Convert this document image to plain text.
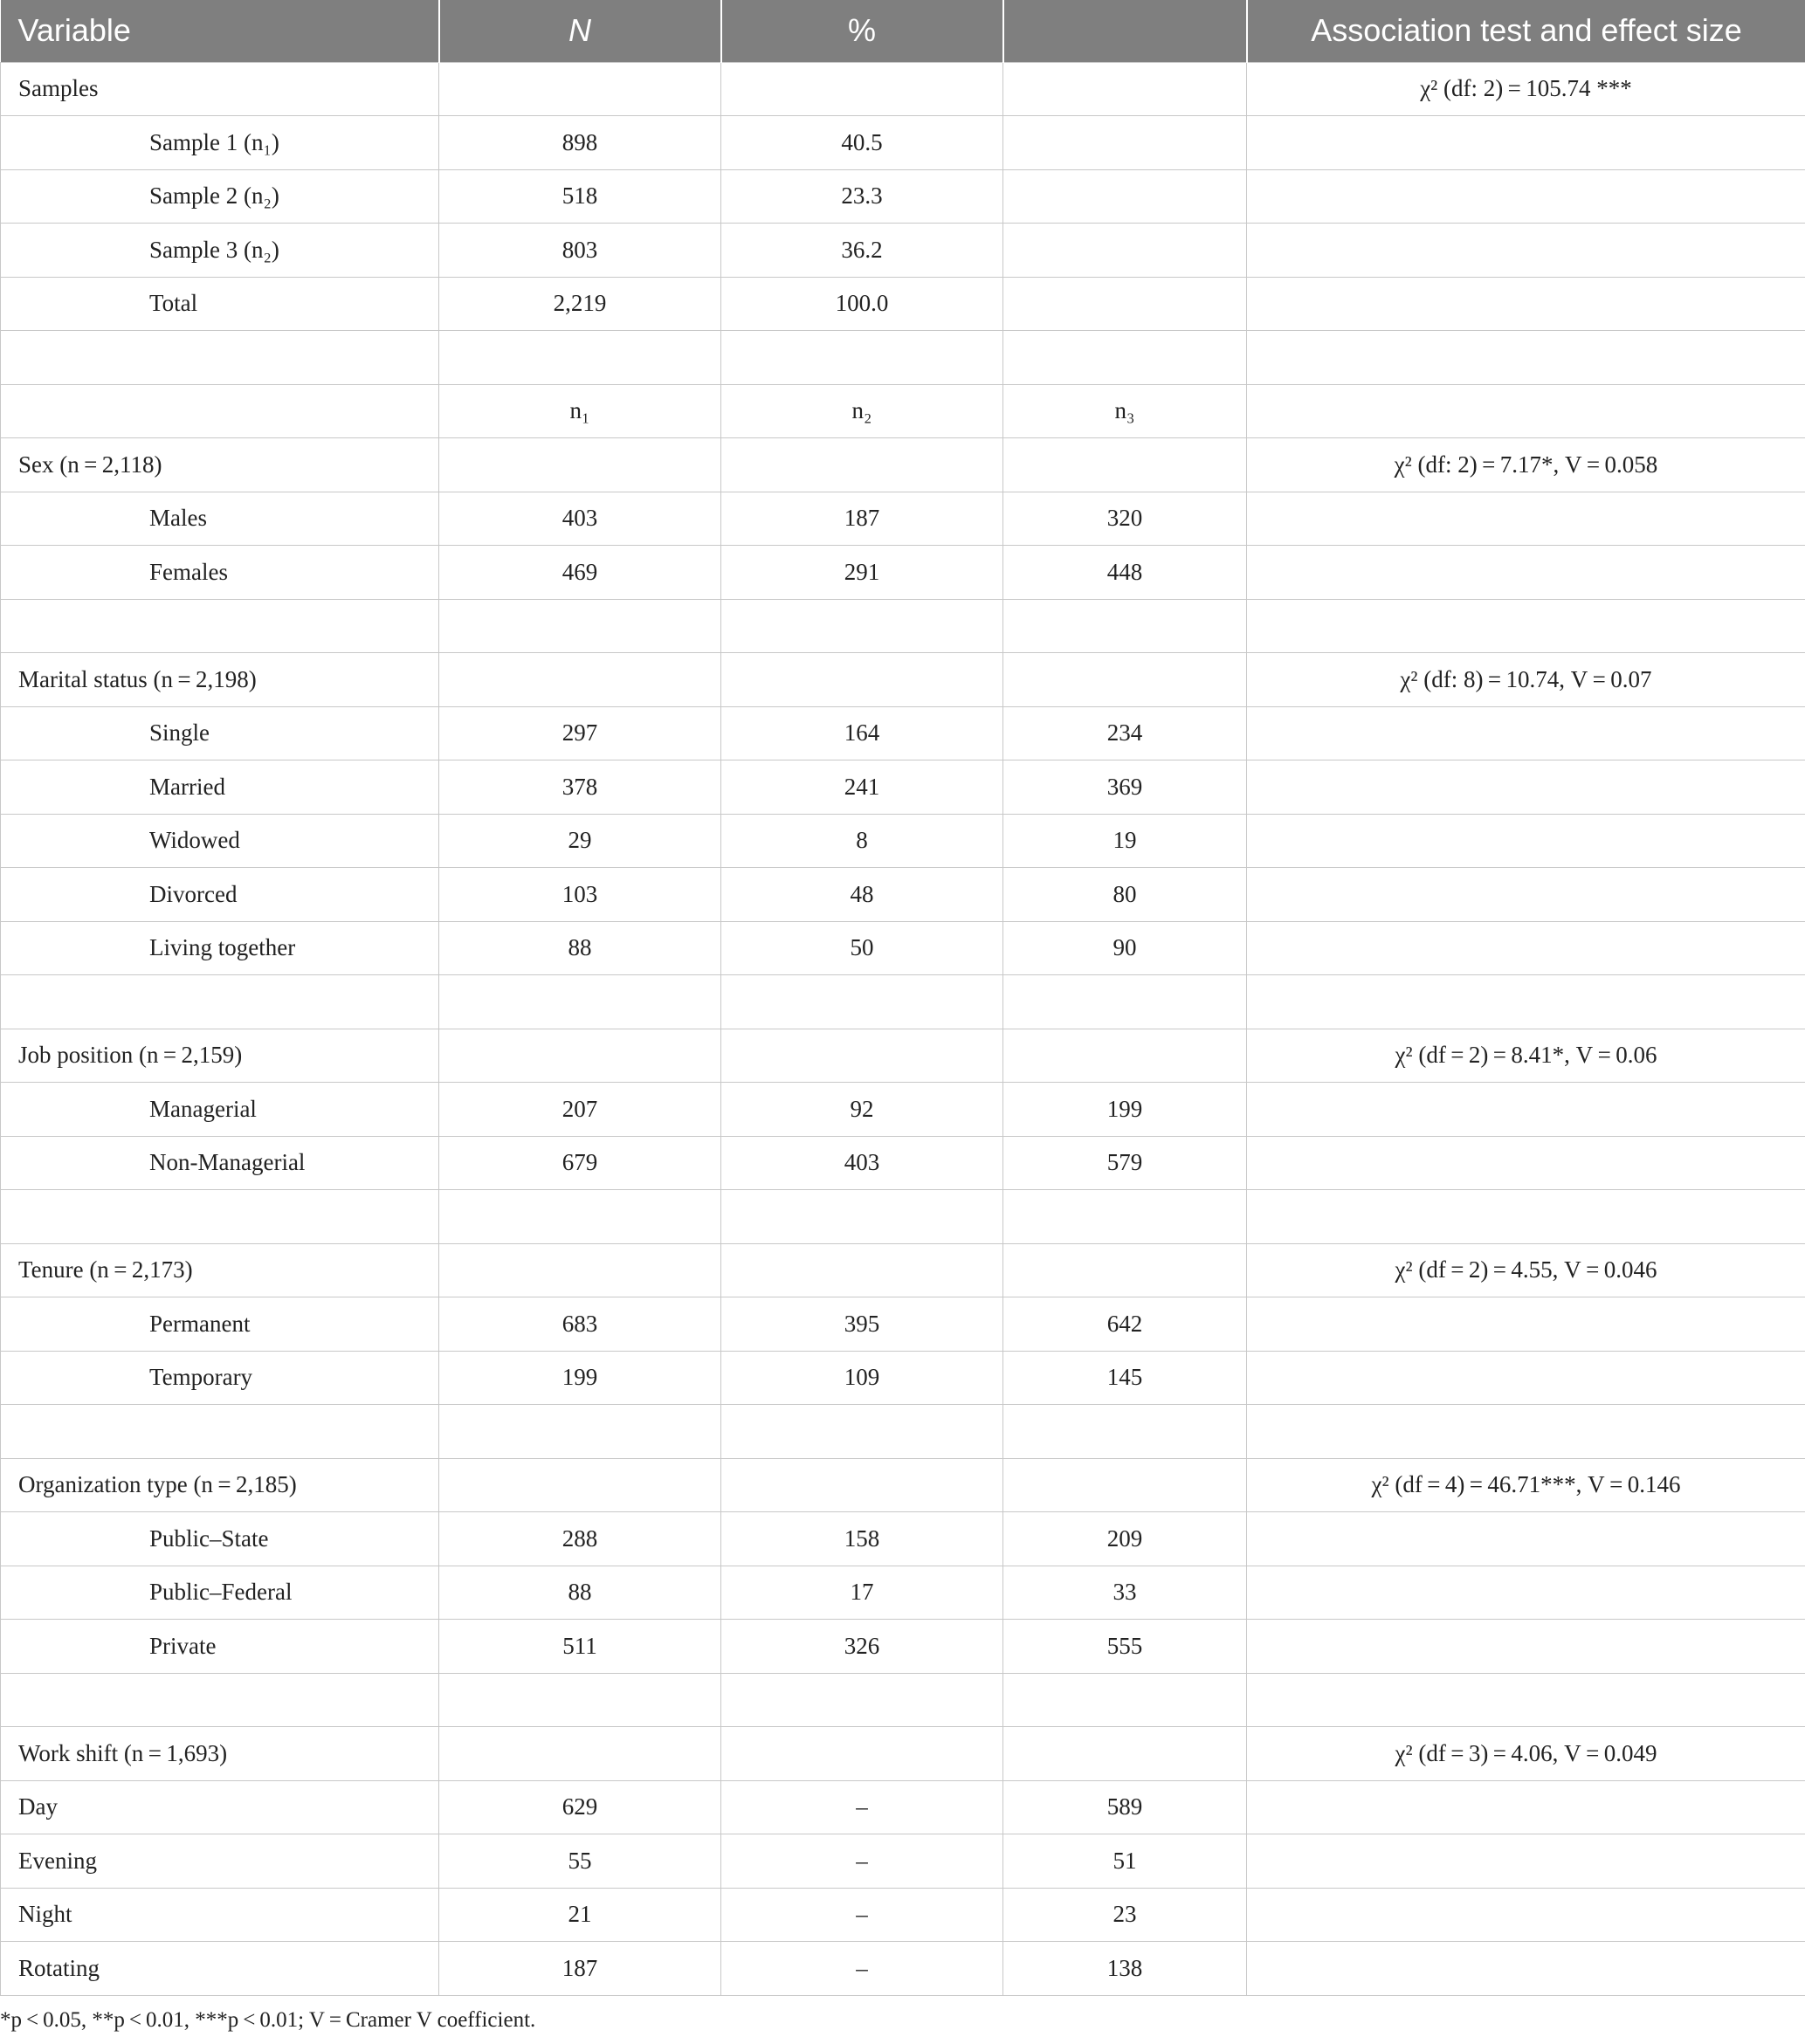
Variable	N	%		Association test and effect size
Samples				χ² (df: 2) = 105.74 ***
Sample 1 (n₁)	898	40.5		
Sample 2 (n₂)	518	23.3		
Sample 3 (n₂)	803	36.2		
Total	2,219	100.0		

	n₁	n₂	n₃	
Sex (n = 2,118)				χ² (df: 2) = 7.17*, V = 0.058
Males	403	187	320	
Females	469	291	448	

Marital status (n = 2,198)				χ² (df: 8) = 10.74, V = 0.07
Single	297	164	234	
Married	378	241	369	
Widowed	29	8	19	
Divorced	103	48	80	
Living together	88	50	90	

Job position (n = 2,159)				χ² (df = 2) = 8.41*, V = 0.06
Managerial	207	92	199	
Non-Managerial	679	403	579	

Tenure (n = 2,173)				χ² (df = 2) = 4.55, V = 0.046
Permanent	683	395	642	
Temporary	199	109	145	

Organization type (n = 2,185)				χ² (df = 4) = 46.71***, V = 0.146
Public–State	288	158	209	
Public–Federal	88	17	33	
Private	511	326	555	

Work shift (n = 1,693)				χ² (df = 3) = 4.06, V = 0.049
Day	629	–	589	
Evening	55	–	51	
Night	21	–	23	
Rotating	187	–	138	
*p < 0.05, **p < 0.01, ***p < 0.01; V = Cramer V coefficient.
